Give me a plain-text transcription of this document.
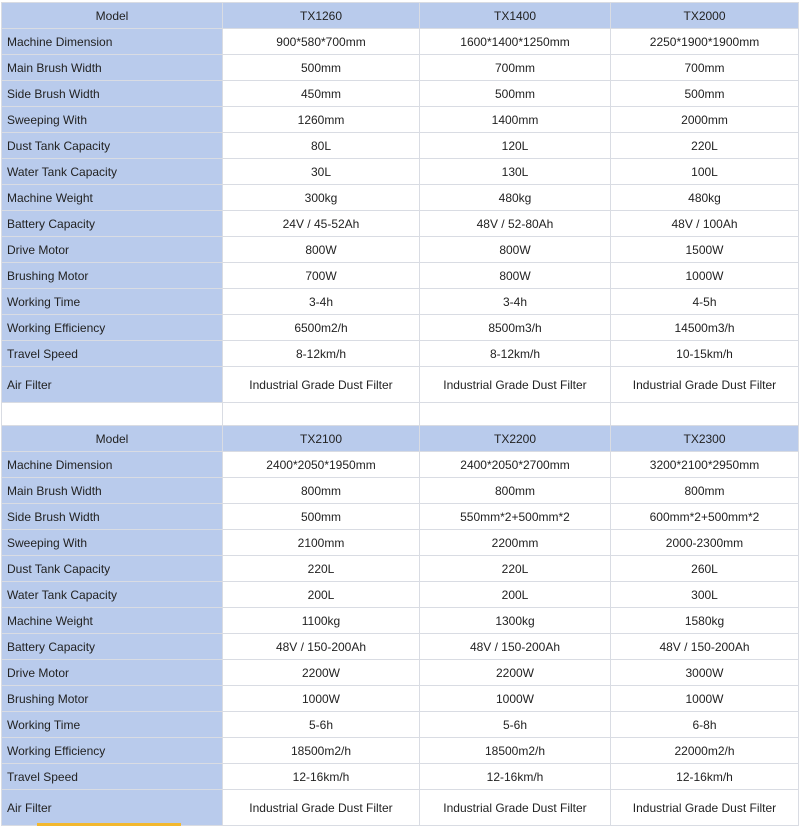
Model	TX1260	TX1400	TX2000
Machine Dimension	900*580*700mm	1600*1400*1250mm	2250*1900*1900mm
Main Brush Width	500mm	700mm	700mm
Side Brush Width	450mm	500mm	500mm
Sweeping With	1260mm	1400mm	2000mm
Dust Tank Capacity	80L	120L	220L
Water Tank Capacity	30L	130L	100L
Machine Weight	300kg	480kg	480kg
Battery Capacity	24V / 45-52Ah	48V / 52-80Ah	48V / 100Ah
Drive Motor	800W	800W	1500W
Brushing Motor	700W	800W	1000W
Working Time	3-4h	3-4h	4-5h
Working Efficiency	6500m2/h	8500m3/h	14500m3/h
Travel Speed	8-12km/h	8-12km/h	10-15km/h
Air Filter	Industrial Grade Dust Filter	Industrial Grade Dust Filter	Industrial Grade Dust Filter

Model	TX2100	TX2200	TX2300
Machine Dimension	2400*2050*1950mm	2400*2050*2700mm	3200*2100*2950mm
Main Brush Width	800mm	800mm	800mm
Side Brush Width	500mm	550mm*2+500mm*2	600mm*2+500mm*2
Sweeping With	2100mm	2200mm	2000-2300mm
Dust Tank Capacity	220L	220L	260L
Water Tank Capacity	200L	200L	300L
Machine Weight	1100kg	1300kg	1580kg
Battery Capacity	48V / 150-200Ah	48V / 150-200Ah	48V / 150-200Ah
Drive Motor	2200W	2200W	3000W
Brushing Motor	1000W	1000W	1000W
Working Time	5-6h	5-6h	6-8h
Working Efficiency	18500m2/h	18500m2/h	22000m2/h
Travel Speed	12-16km/h	12-16km/h	12-16km/h
Air Filter	Industrial Grade Dust Filter	Industrial Grade Dust Filter	Industrial Grade Dust Filter
